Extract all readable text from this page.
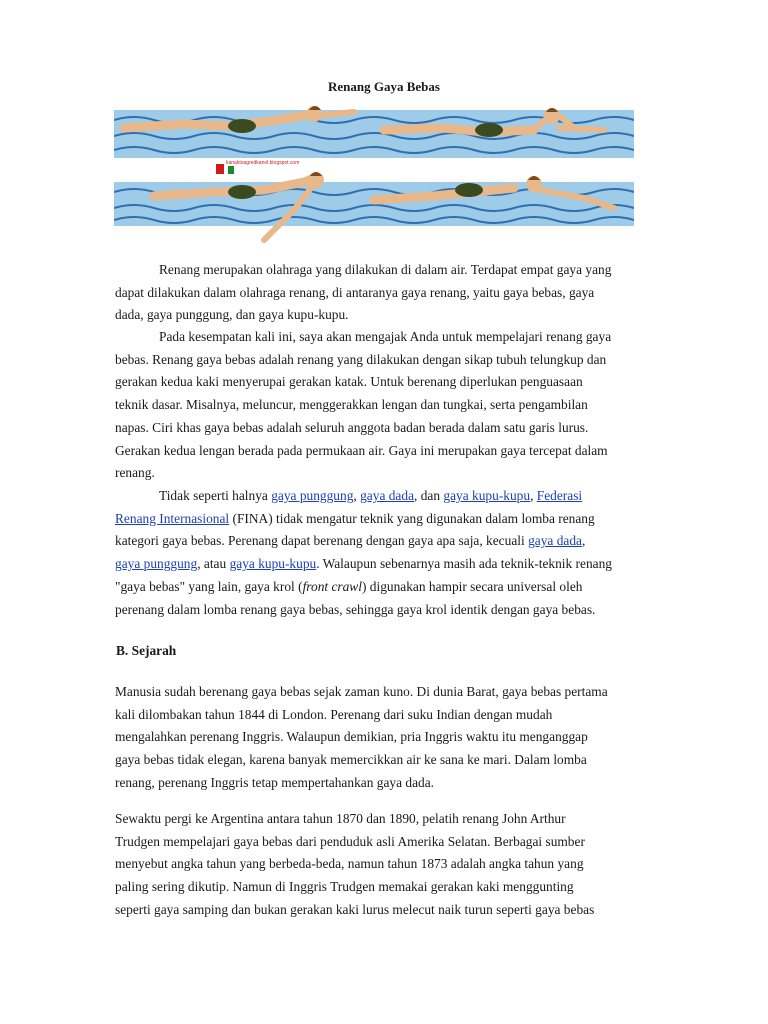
Renang Gaya Bebas
kanaktoagredkanol.blogspot.com
Renang merupakan olahraga yang dilakukan di dalam air. Terdapat empat gaya yang
dapat dilakukan dalam olahraga renang, di antaranya gaya renang, yaitu gaya bebas, gaya
dada, gaya punggung, dan gaya kupu-kupu.
Pada kesempatan kali ini, saya akan mengajak Anda untuk mempelajari renang gaya
bebas. Renang gaya bebas adalah renang yang dilakukan dengan sikap tubuh telungkup dan
gerakan kedua kaki menyerupai gerakan katak. Untuk berenang diperlukan penguasaan
teknik dasar. Misalnya, meluncur, menggerakkan lengan dan tungkai, serta pengambilan
napas. Ciri khas gaya bebas adalah seluruh anggota badan berada dalam satu garis lurus.
Gerakan kedua lengan berada pada permukaan air. Gaya ini merupakan gaya tercepat dalam
renang.
Tidak seperti halnya gaya punggung, gaya dada, dan gaya kupu-kupu, Federasi
Renang Internasional (FINA) tidak mengatur teknik yang digunakan dalam lomba renang
kategori gaya bebas. Perenang dapat berenang dengan gaya apa saja, kecuali gaya dada,
gaya punggung, atau gaya kupu-kupu. Walaupun sebenarnya masih ada teknik-teknik renang
"gaya bebas" yang lain, gaya krol (front crawl) digunakan hampir secara universal oleh
perenang dalam lomba renang gaya bebas, sehingga gaya krol identik dengan gaya bebas.
B. Sejarah
Manusia sudah berenang gaya bebas sejak zaman kuno. Di dunia Barat, gaya bebas pertama
kali dilombakan tahun 1844 di London. Perenang dari suku Indian dengan mudah
mengalahkan perenang Inggris. Walaupun demikian, pria Inggris waktu itu menganggap
gaya bebas tidak elegan, karena banyak memercikkan air ke sana ke mari. Dalam lomba
renang, perenang Inggris tetap mempertahankan gaya dada.
Sewaktu pergi ke Argentina antara tahun 1870 dan 1890, pelatih renang John Arthur
Trudgen mempelajari gaya bebas dari penduduk asli Amerika Selatan. Berbagai sumber
menyebut angka tahun yang berbeda-beda, namun tahun 1873 adalah angka tahun yang
paling sering dikutip. Namun di Inggris Trudgen memakai gerakan kaki menggunting
seperti gaya samping dan bukan gerakan kaki lurus melecut naik turun seperti gaya bebas
